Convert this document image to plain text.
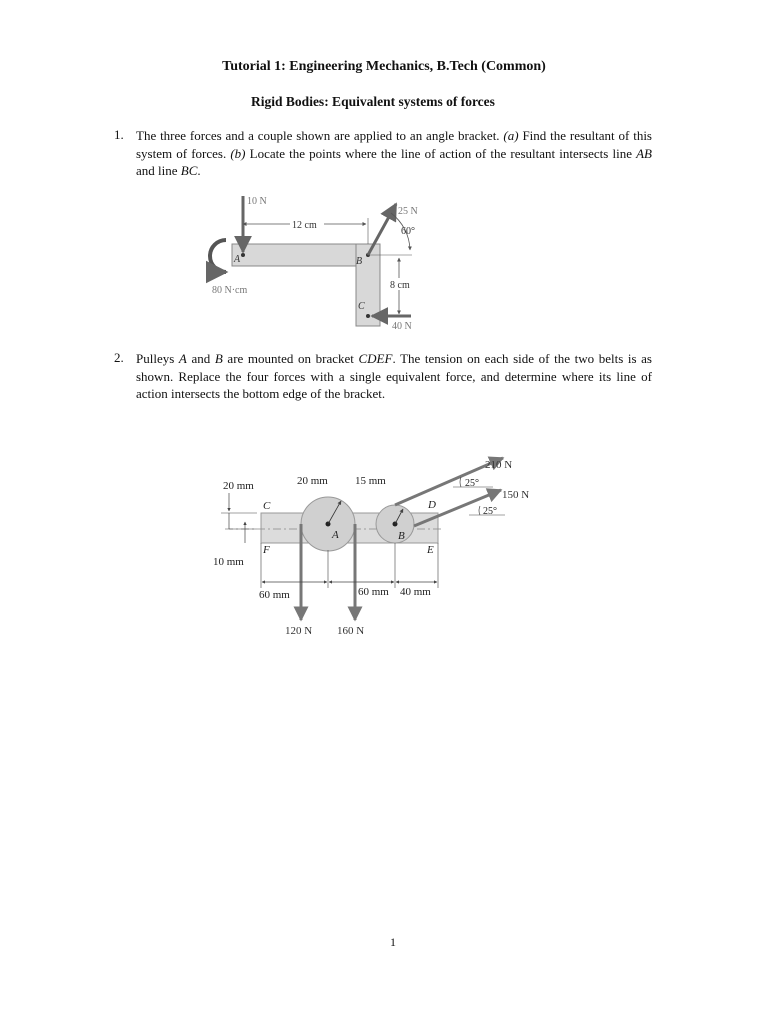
Tutorial 1: Engineering Mechanics, B.Tech (Common)
Rigid Bodies: Equivalent systems of forces
1. The three forces and a couple shown are applied to an angle bracket. (a) Find the resultant of this system of forces. (b) Locate the points where the line of action of the resultant intersects line AB and line BC.
A	B
C
10 N
12 cm
25 N
60°
8 cm
40 N
80 N·cm
2. Pulleys A and B are mounted on bracket CDEF. The tension on each side of the two belts is as shown. Replace the four forces with a single equivalent force, and determine where its line of action intersects the bottom edge of the bracket.
A	B
C	D
E
F
20 mm
10 mm
20 mm 15 mm
120 N 160 N
210 N
150 N
25°
25°
60 mm	60 mm 40 mm
1
